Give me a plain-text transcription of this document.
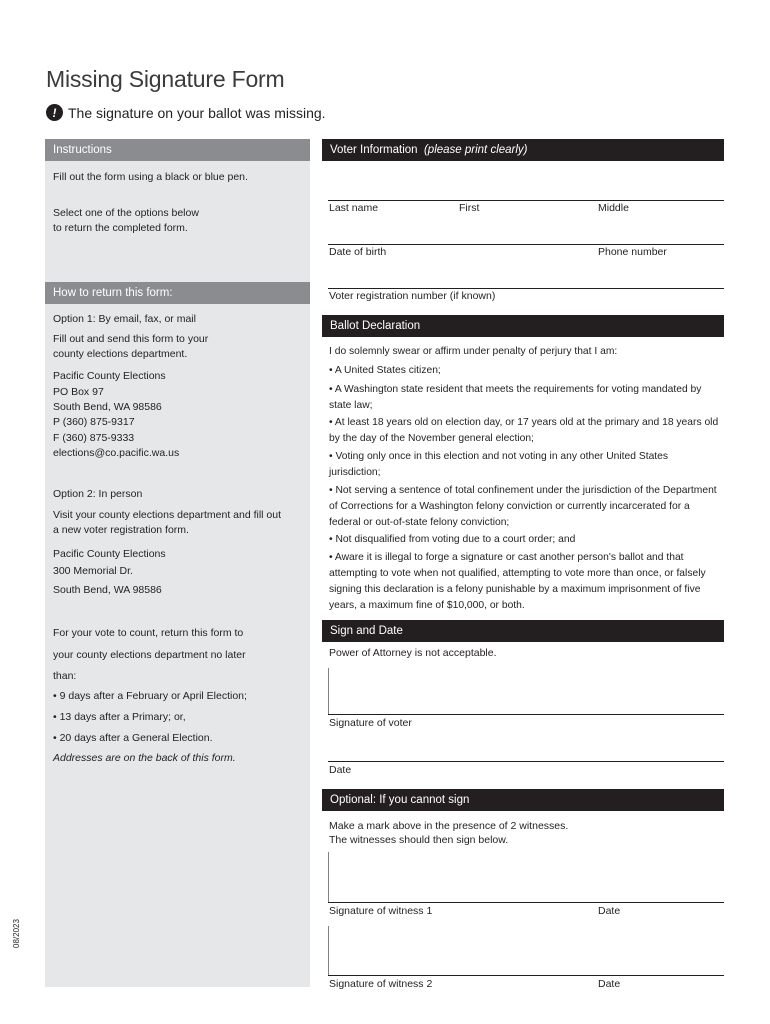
Missing Signature Form
! The signature on your ballot was missing.
Instructions
Fill out the form using a black or blue pen.
Select one of the options below
to return the completed form.
How to return this form:
Option 1: By email, fax, or mail
Fill out and send this form to your
county elections department.
Pacific County Elections
PO Box 97
South Bend, WA 98586
P (360) 875-9317
F (360) 875-9333
elections@co.pacific.wa.us
Option 2: In person
Visit your county elections department and fill out
a new voter registration form.
Pacific County Elections
300 Memorial Dr.
South Bend, WA 98586
For your vote to count, return this form to
your county elections department no later
than:
• 9 days after a February or April Election;
• 13 days after a Primary; or,
• 20 days after a General Election.
Addresses are on the back of this form.
Voter Information (please print clearly)
Last name	First	Middle
Date of birth	Phone number
Voter registration number (if known)
Ballot Declaration
I do solemnly swear or affirm under penalty of perjury that I am:
• A United States citizen;
• A Washington state resident that meets the requirements for voting mandated by state law;
• At least 18 years old on election day, or 17 years old at the primary and 18 years old by the day of the November general election;
• Voting only once in this election and not voting in any other United States jurisdiction;
• Not serving a sentence of total confinement under the jurisdiction of the Department of Corrections for a Washington felony conviction or currently incarcerated for a federal or out-of-state felony conviction;
• Not disqualified from voting due to a court order; and
• Aware it is illegal to forge a signature or cast another person's ballot and that attempting to vote when not qualified, attempting to vote more than once, or falsely signing this declaration is a felony punishable by a maximum imprisonment of five years, a maximum fine of $10,000, or both.
Sign and Date
Power of Attorney is not acceptable.
Signature of voter
Date
Optional: If you cannot sign
Make a mark above in the presence of 2 witnesses.
The witnesses should then sign below.
Signature of witness 1	Date
Signature of witness 2	Date
08/2023
